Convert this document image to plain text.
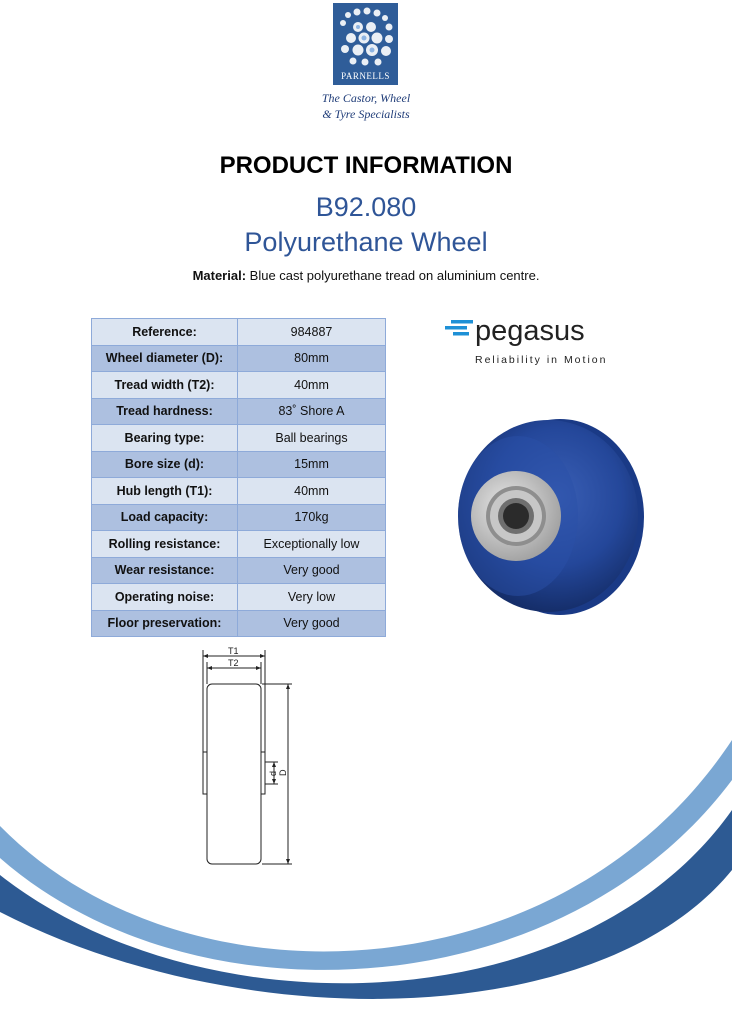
PARNELLS
The Castor, Wheel
& Tyre Specialists
PRODUCT INFORMATION
B92.080
Polyurethane Wheel
Material: Blue cast polyurethane tread on aluminium centre.
Reference:	984887
Wheel diameter (D):	80mm
Tread width (T2):	40mm
Tread hardness:	83˚ Shore A
Bearing type:	Ball bearings
Bore size (d):	15mm
Hub length (T1):	40mm
Load capacity:	170kg
Rolling resistance:	Exceptionally low
Wear resistance:	Very good
Operating noise:	Very low
Floor preservation:	Very good
pegasus
Reliability in Motion
T1
T2
d D
